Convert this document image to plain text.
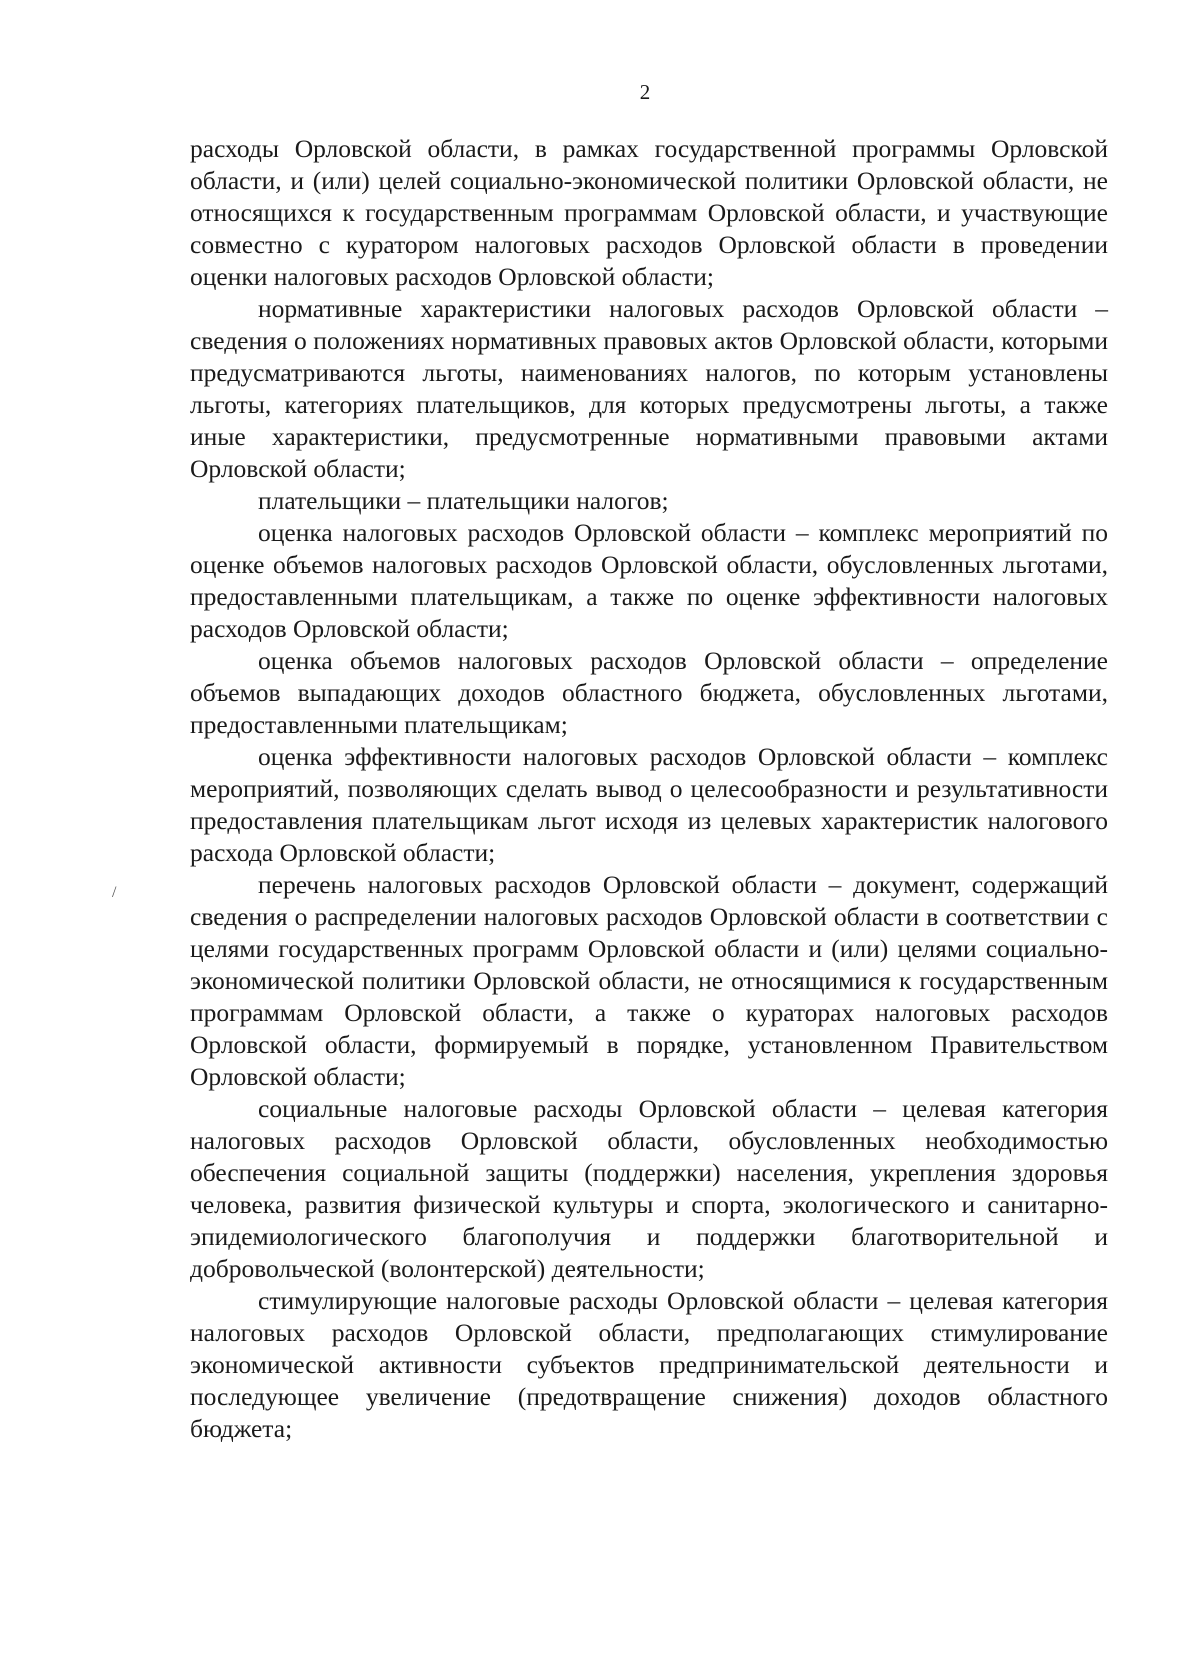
2

расходы Орловской области, в рамках государственной программы Орловской области, и (или) целей социально-экономической политики Орловской области, не относящихся к государственным программам Орловской области, и участвующие совместно с куратором налоговых расходов Орловской области в проведении оценки налоговых расходов Орловской области;

нормативные характеристики налоговых расходов Орловской области – сведения о положениях нормативных правовых актов Орловской области, которыми предусматриваются льготы, наименованиях налогов, по которым установлены льготы, категориях плательщиков, для которых предусмотрены льготы, а также иные характеристики, предусмотренные нормативными правовыми актами Орловской области;

плательщики – плательщики налогов;

оценка налоговых расходов Орловской области – комплекс мероприятий по оценке объемов налоговых расходов Орловской области, обусловленных льготами, предоставленными плательщикам, а также по оценке эффективности налоговых расходов Орловской области;

оценка объемов налоговых расходов Орловской области – определение объемов выпадающих доходов областного бюджета, обусловленных льготами, предоставленными плательщикам;

оценка эффективности налоговых расходов Орловской области – комплекс мероприятий, позволяющих сделать вывод о целесообразности и результативности предоставления плательщикам льгот исходя из целевых характеристик налогового расхода Орловской области;

перечень налоговых расходов Орловской области – документ, содержащий сведения о распределении налоговых расходов Орловской области в соответствии с целями государственных программ Орловской области и (или) целями социально-экономической политики Орловской области, не относящимися к государственным программам Орловской области, а также о кураторах налоговых расходов Орловской области, формируемый в порядке, установленном Правительством Орловской области;

социальные налоговые расходы Орловской области – целевая категория налоговых расходов Орловской области, обусловленных необходимостью обеспечения социальной защиты (поддержки) населения, укрепления здоровья человека, развития физической культуры и спорта, экологического и санитарно-эпидемиологического благополучия и поддержки благотворительной и добровольческой (волонтерской) деятельности;

стимулирующие налоговые расходы Орловской области – целевая категория налоговых расходов Орловской области, предполагающих стимулирование экономической активности субъектов предпринимательской деятельности и последующее увеличение (предотвращение снижения) доходов областного бюджета;

/
